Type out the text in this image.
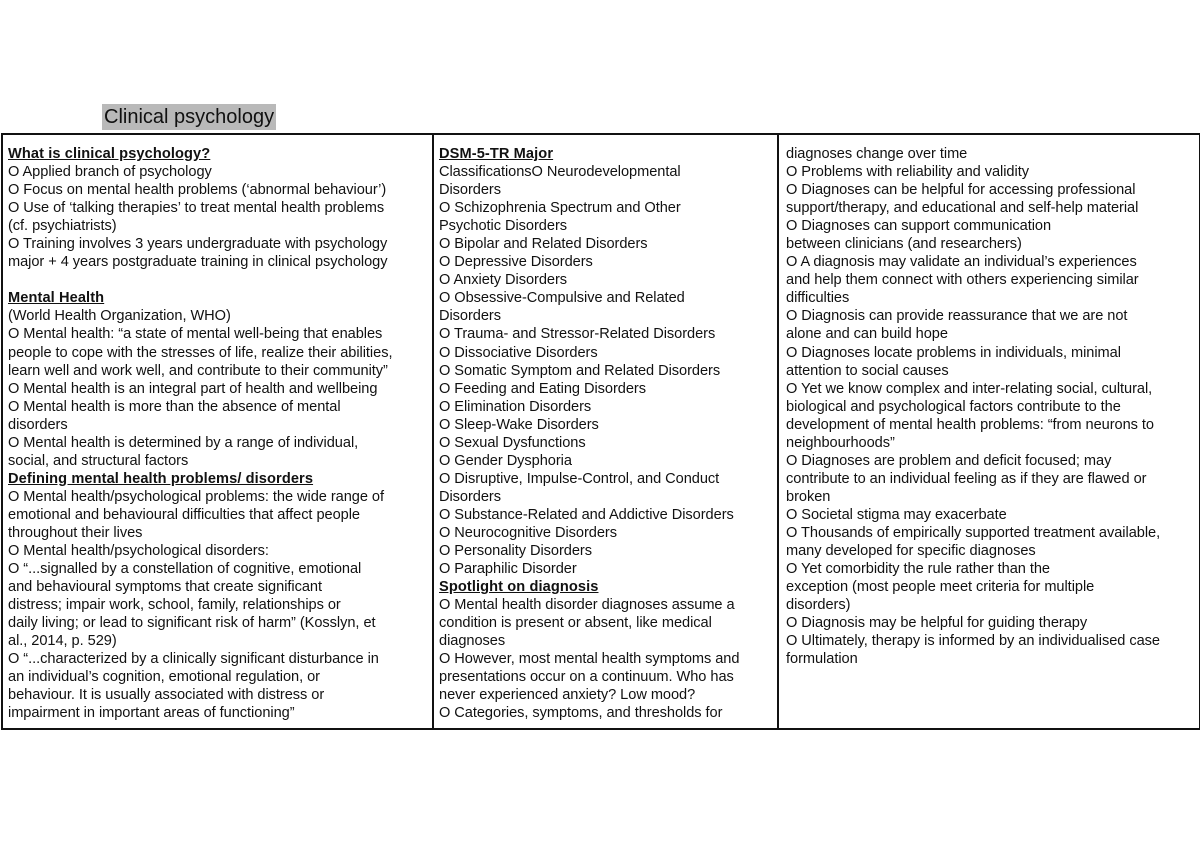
Clinical psychology
What is clinical psychology?
O Applied branch of psychology
O Focus on mental health problems (‘abnormal behaviour’)
O Use of ‘talking therapies’ to treat mental health problems
(cf. psychiatrists)
O Training involves 3 years undergraduate with psychology
major + 4 years postgraduate training in clinical psychology
Mental Health
(World Health Organization, WHO)
O Mental health: “a state of mental well-being that enables
people to cope with the stresses of life, realize their abilities,
learn well and work well, and contribute to their community”
O Mental health is an integral part of health and wellbeing
O Mental health is more than the absence of mental
disorders
O Mental health is determined by a range of individual,
social, and structural factors
Defining mental health problems/ disorders
O Mental health/psychological problems: the wide range of
emotional and behavioural difficulties that affect people
throughout their lives
O Mental health/psychological disorders:
O “...signalled by a constellation of cognitive, emotional
and behavioural symptoms that create significant
distress; impair work, school, family, relationships or
daily living; or lead to significant risk of harm” (Kosslyn, et
al., 2014, p. 529)
O “...characterized by a clinically significant disturbance in
an individual’s cognition, emotional regulation, or
behaviour. It is usually associated with distress or
impairment in important areas of functioning”
DSM-5-TR Major
ClassificationsO Neurodevelopmental
Disorders
O Schizophrenia Spectrum and Other
Psychotic Disorders
O Bipolar and Related Disorders
O Depressive Disorders
O Anxiety Disorders
O Obsessive-Compulsive and Related
Disorders
O Trauma- and Stressor-Related Disorders
O Dissociative Disorders
O Somatic Symptom and Related Disorders
O Feeding and Eating Disorders
O Elimination Disorders
O Sleep-Wake Disorders
O Sexual Dysfunctions
O Gender Dysphoria
O Disruptive, Impulse-Control, and Conduct
Disorders
O Substance-Related and Addictive Disorders
O Neurocognitive Disorders
O Personality Disorders
O Paraphilic Disorder
Spotlight on diagnosis
O Mental health disorder diagnoses assume a
condition is present or absent, like medical
diagnoses
O However, most mental health symptoms and
presentations occur on a continuum. Who has
never experienced anxiety? Low mood?
O Categories, symptoms, and thresholds for
diagnoses change over time
O Problems with reliability and validity
O Diagnoses can be helpful for accessing professional
support/therapy, and educational and self-help material
O Diagnoses can support communication
between clinicians (and researchers)
O A diagnosis may validate an individual’s experiences
and help them connect with others experiencing similar
difficulties
O Diagnosis can provide reassurance that we are not
alone and can build hope
O Diagnoses locate problems in individuals, minimal
attention to social causes
O Yet we know complex and inter-relating social, cultural,
biological and psychological factors contribute to the
development of mental health problems: “from neurons to
neighbourhoods”
O Diagnoses are problem and deficit focused; may
contribute to an individual feeling as if they are flawed or
broken
O Societal stigma may exacerbate
O Thousands of empirically supported treatment available,
many developed for specific diagnoses
O Yet comorbidity the rule rather than the
exception (most people meet criteria for multiple
disorders)
O Diagnosis may be helpful for guiding therapy
O Ultimately, therapy is informed by an individualised case
formulation
